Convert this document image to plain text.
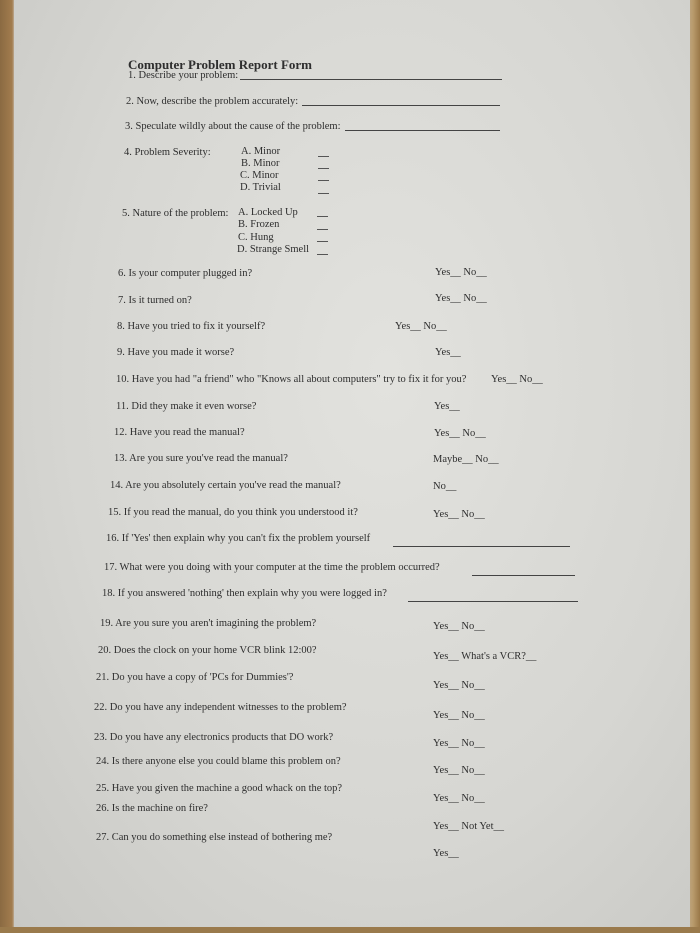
Computer Problem Report Form
1. Describe your problem:
2. Now, describe the problem accurately:
3. Speculate wildly about the cause of the problem:
4. Problem Severity:	A. Minor
B. Minor
C. Minor
D. Trivial
5. Nature of the problem: A. Locked Up
B. Frozen
C. Hung
D. Strange Smell
6. Is your computer plugged in?	Yes__ No__
7. Is it turned on?	Yes__ No__
8. Have you tried to fix it yourself?	Yes__ No__
9. Have you made it worse?	Yes__
10. Have you had "a friend" who "Knows all about computers" try to fix it for you? Yes__ No__
11. Did they make it even worse?	Yes__
12. Have you read the manual?	Yes__ No__
13. Are you sure you've read the manual?	Maybe__ No__
14. Are you absolutely certain you've read the manual?	No__
15. If you read the manual, do you think you understood it?	Yes__ No__
16. If 'Yes' then explain why you can't fix the problem yourself
17. What were you doing with your computer at the time the problem occurred?
18. If you answered 'nothing' then explain why you were logged in?
19. Are you sure you aren't imagining the problem?	Yes__ No__
20. Does the clock on your home VCR blink 12:00?
Yes__ What's a VCR?__
21. Do you have a copy of 'PCs for Dummies'?
Yes__ No__
22. Do you have any independent witnesses to the problem?
Yes__ No__
23. Do you have any electronics products that DO work?
Yes__ No__
24. Is there anyone else you could blame this problem on?
Yes__ No__
25. Have you given the machine a good whack on the top?
Yes__ No__
26. Is the machine on fire?
Yes__ Not Yet__
27. Can you do something else instead of bothering me?
Yes__
